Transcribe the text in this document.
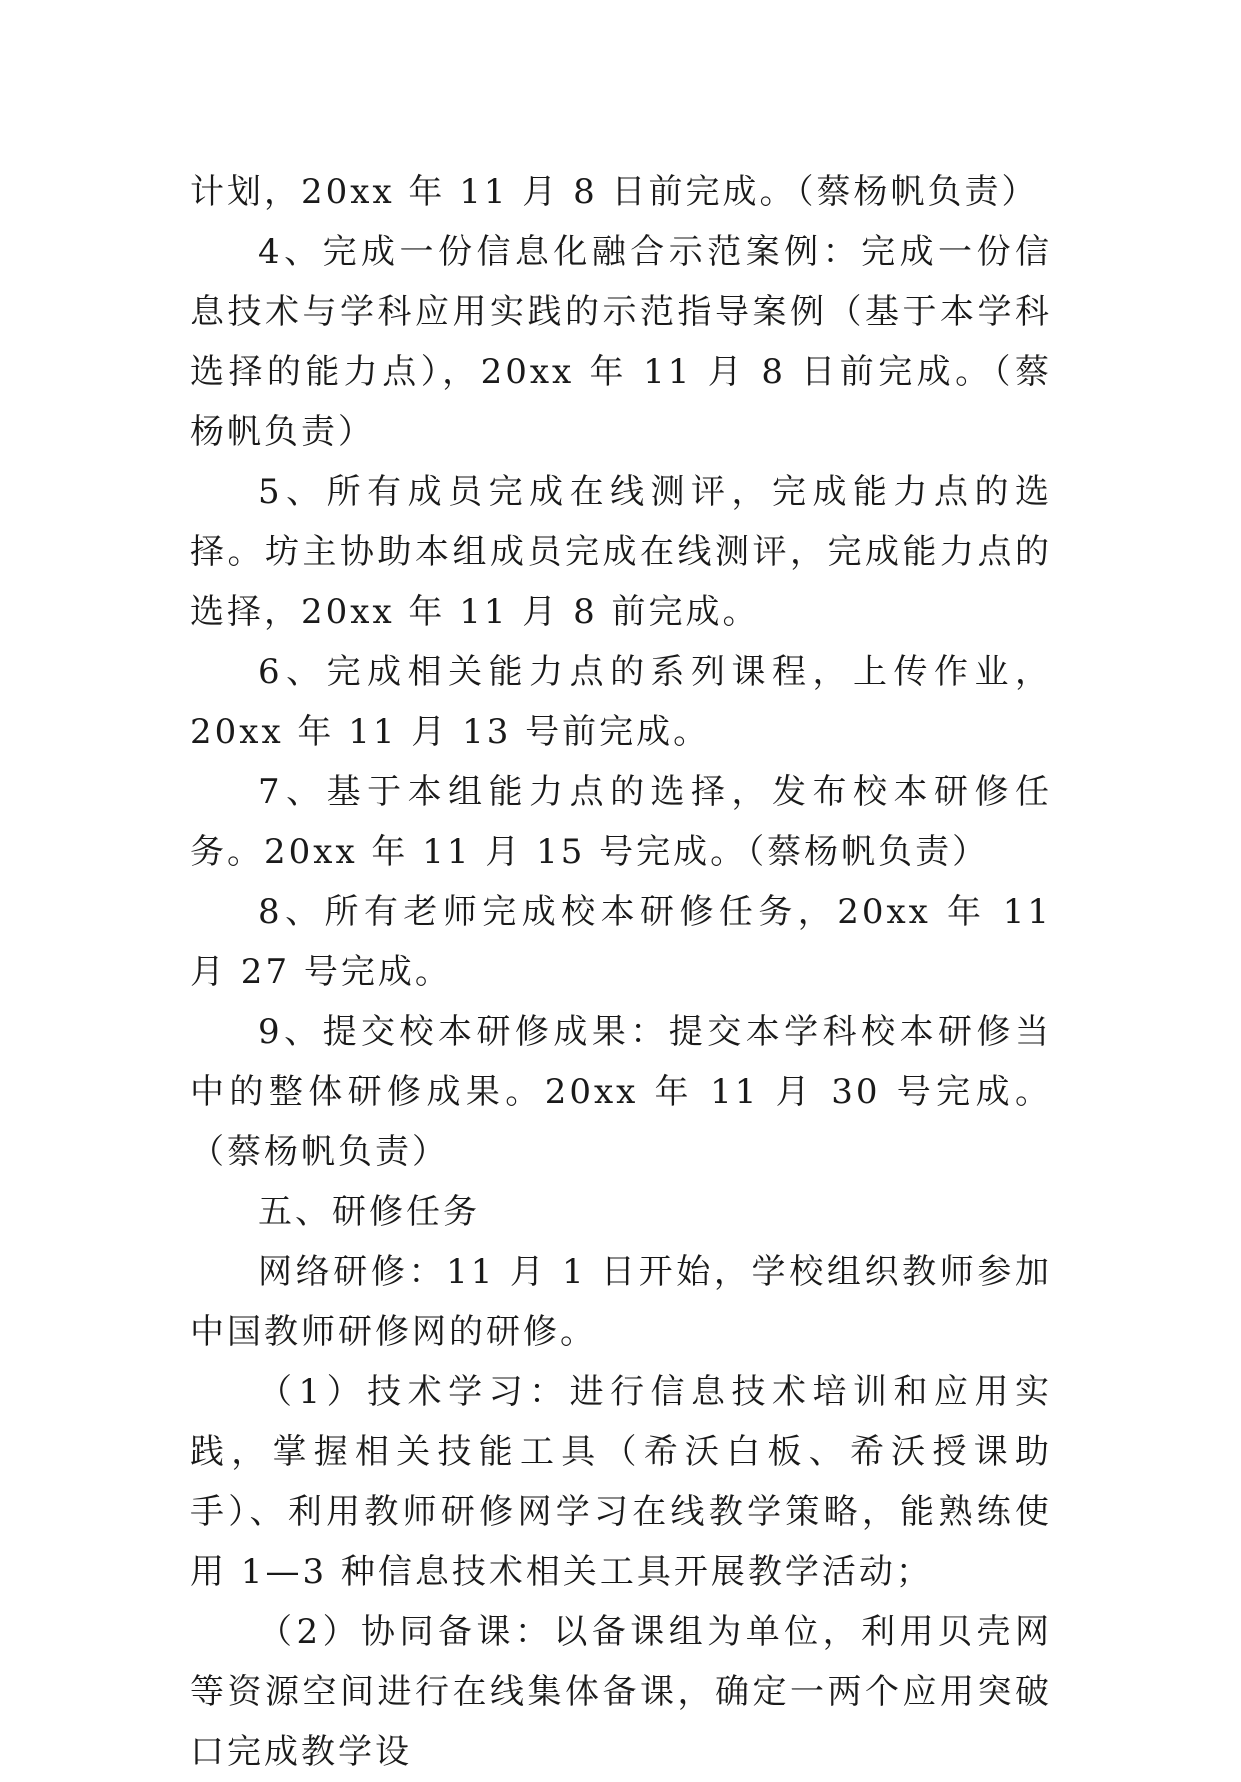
计划，20xx 年 11 月 8 日前完成。（蔡杨帆负责）

4、完成一份信息化融合示范案例：完成一份信息技术与学科应用实践的示范指导案例（基于本学科选择的能力点），20xx 年 11 月 8 日前完成。（蔡杨帆负责）

5、所有成员完成在线测评，完成能力点的选择。坊主协助本组成员完成在线测评，完成能力点的选择，20xx 年 11 月 8 前完成。

6、完成相关能力点的系列课程，上传作业，20xx 年 11 月 13 号前完成。

7、基于本组能力点的选择，发布校本研修任务。20xx 年 11 月 15 号完成。（蔡杨帆负责）

8、所有老师完成校本研修任务，20xx 年 11 月 27 号完成。

9、提交校本研修成果：提交本学科校本研修当中的整体研修成果。20xx 年 11 月 30 号完成。（蔡杨帆负责）

五、研修任务

网络研修：11 月 1 日开始，学校组织教师参加中国教师研修网的研修。

（1）技术学习：进行信息技术培训和应用实践，掌握相关技能工具（希沃白板、希沃授课助手）、利用教师研修网学习在线教学策略，能熟练使用 1—3 种信息技术相关工具开展教学活动；

（2）协同备课：以备课组为单位，利用贝壳网等资源空间进行在线集体备课，确定一两个应用突破口完成教学设
